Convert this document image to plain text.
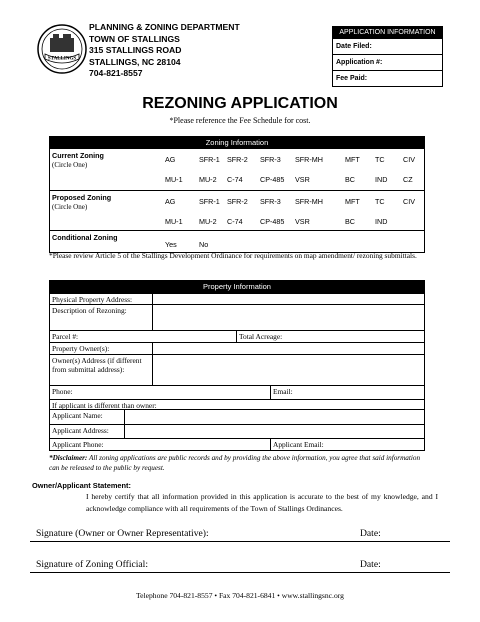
STALLINGS
PLANNING & ZONING DEPARTMENT
TOWN OF STALLINGS
315 STALLINGS ROAD
STALLINGS, NC 28104
704-821-8557
APPLICATION INFORMATION
Date Filed:
Application #:
Fee Paid:
REZONING APPLICATION
*Please reference the Fee Schedule for cost.
Zoning Information
Current Zoning
(Circle One)
AG	SFR-1 SFR-2 SFR-3 SFR-MH	MFT TC	CIV
MU-1 MU-2 C-74 CP-485 VSR	BC	IND CZ
Proposed Zoning
(Circle One)
AG	SFR-1 SFR-2 SFR-3 SFR-MH	MFT TC	CIV
MU-1 MU-2 C-74 CP-485 VSR	BC	IND
Conditional Zoning
Yes	No
*Please review Article 5 of the Stallings Development Ordinance for requirements on map amendment/ rezoning submittals.
Property Information
Physical Property Address:
Description of Rezoning:
Parcel #:	Total Acreage:
Property Owner(s):
Owner(s) Address (if different from submittal address):
Phone:	Email:
If applicant is different than owner:
Applicant Name:
Applicant Address:
Applicant Phone:	Applicant Email:
*Disclaimer: All zoning applications are public records and by providing the above information, you agree that said information can be released to the public by request.
Owner/Applicant Statement:
I hereby certify that all information provided in this application is accurate to the best of my knowledge, and I acknowledge compliance with all requirements of the Town of Stallings Ordinances.
Signature (Owner or Owner Representative):	Date:
Signature of Zoning Official:	Date:
Telephone 704-821-8557 • Fax 704-821-6841 • www.stallingsnc.org
